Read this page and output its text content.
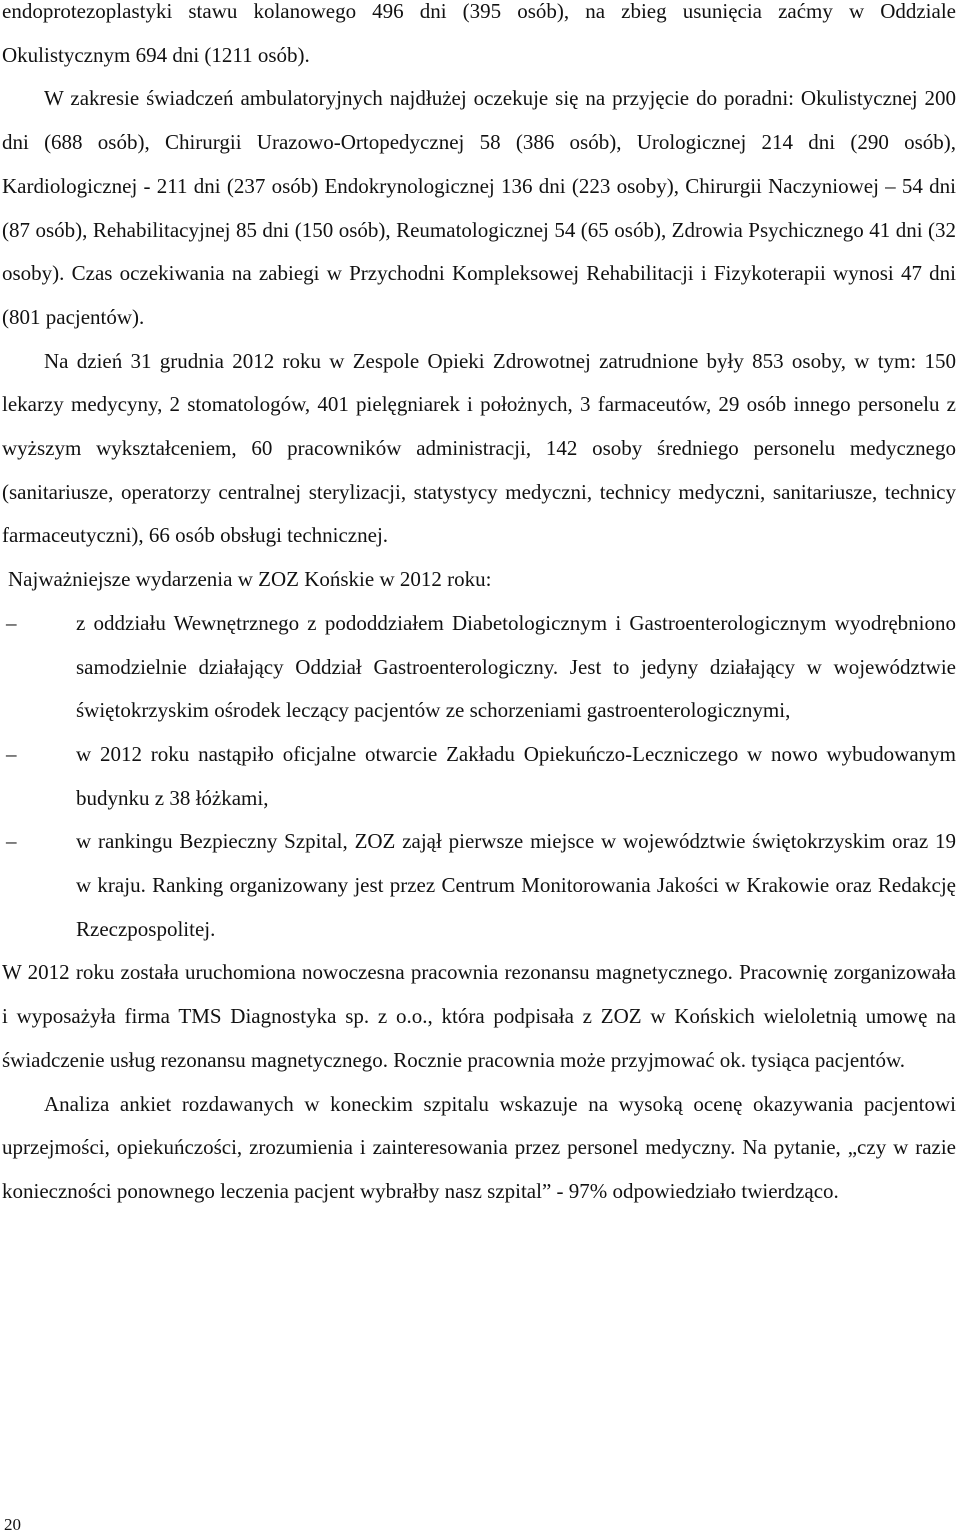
endoprotezoplastyki stawu kolanowego 496 dni (395 osób), na zbieg usunięcia zaćmy w Oddziale Okulistycznym 694 dni (1211 osób).

W zakresie świadczeń ambulatoryjnych najdłużej oczekuje się na przyjęcie do poradni: Okulistycznej 200 dni (688 osób), Chirurgii Urazowo-Ortopedycznej 58 (386 osób), Urologicznej 214 dni (290 osób), Kardiologicznej - 211 dni (237 osób) Endokrynologicznej 136 dni (223 osoby), Chirurgii Naczyniowej – 54 dni (87 osób), Rehabilitacyjnej 85 dni (150 osób), Reumatologicznej 54 (65 osób), Zdrowia Psychicznego 41 dni (32 osoby). Czas oczekiwania na zabiegi w Przychodni Kompleksowej Rehabilitacji i Fizykoterapii wynosi 47 dni (801 pacjentów).

Na dzień 31 grudnia 2012 roku w Zespole Opieki Zdrowotnej zatrudnione były 853 osoby, w tym: 150 lekarzy medycyny, 2 stomatologów, 401 pielęgniarek i położnych, 3 farmaceutów, 29 osób innego personelu z wyższym wykształceniem, 60 pracowników administracji, 142 osoby średniego personelu medycznego (sanitariusze, operatorzy centralnej sterylizacji, statystycy medyczni, technicy medyczni, sanitariusze, technicy farmaceutyczni), 66 osób obsługi technicznej.

Najważniejsze wydarzenia w ZOZ Końskie w 2012 roku:

–	z oddziału Wewnętrznego z pododdziałem Diabetologicznym i Gastroenterologicznym wyodrębniono samodzielnie działający Oddział Gastroenterologiczny. Jest to jedyny działający w województwie świętokrzyskim ośrodek leczący pacjentów ze schorzeniami gastroenterologicznymi,
–	w 2012 roku nastąpiło oficjalne otwarcie Zakładu Opiekuńczo-Leczniczego w nowo wybudowanym budynku z 38 łóżkami,
–	w rankingu Bezpieczny Szpital, ZOZ zajął pierwsze miejsce w województwie świętokrzyskim oraz 19 w kraju. Ranking organizowany jest przez Centrum Monitorowania Jakości w Krakowie oraz Redakcję Rzeczpospolitej.

W 2012 roku została uruchomiona nowoczesna pracownia rezonansu magnetycznego. Pracownię zorganizowała i wyposażyła firma TMS Diagnostyka sp. z o.o., która podpisała z ZOZ w Końskich wieloletnią umowę na świadczenie usług rezonansu magnetycznego. Rocznie pracownia może przyjmować ok. tysiąca pacjentów.

Analiza ankiet rozdawanych w koneckim szpitalu wskazuje na wysoką ocenę okazywania pacjentowi uprzejmości, opiekuńczości, zrozumienia i zainteresowania przez personel medyczny. Na pytanie, „czy w razie konieczności ponownego leczenia pacjent wybrałby nasz szpital” - 97% odpowiedziało twierdząco.

20
